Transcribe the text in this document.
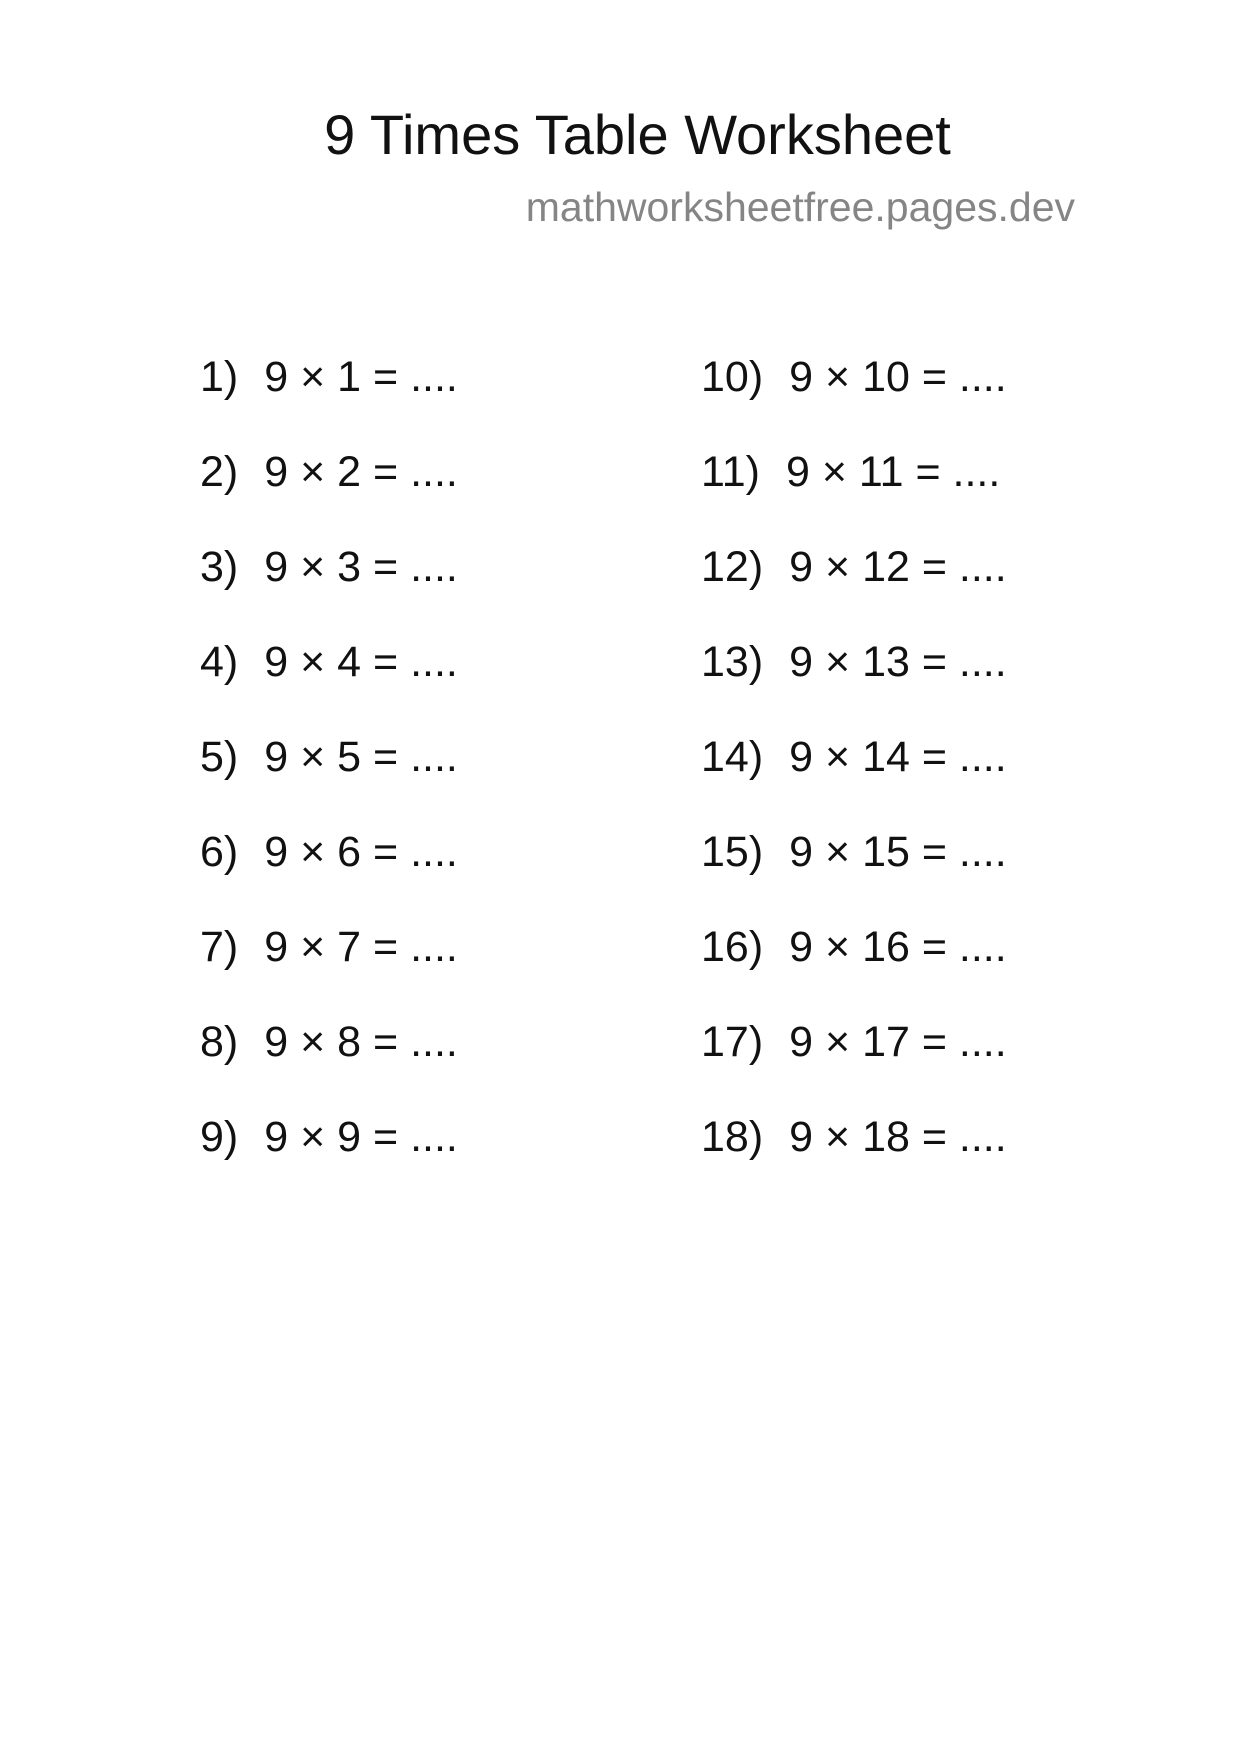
9 Times Table Worksheet
mathworksheetfree.pages.dev
1) 9 × 1 = ....
2) 9 × 2 = ....
3) 9 × 3 = ....
4) 9 × 4 = ....
5) 9 × 5 = ....
6) 9 × 6 = ....
7) 9 × 7 = ....
8) 9 × 8 = ....
9) 9 × 9 = ....
10) 9 × 10 = ....
11) 9 × 11 = ....
12) 9 × 12 = ....
13) 9 × 13 = ....
14) 9 × 14 = ....
15) 9 × 15 = ....
16) 9 × 16 = ....
17) 9 × 17 = ....
18) 9 × 18 = ....
